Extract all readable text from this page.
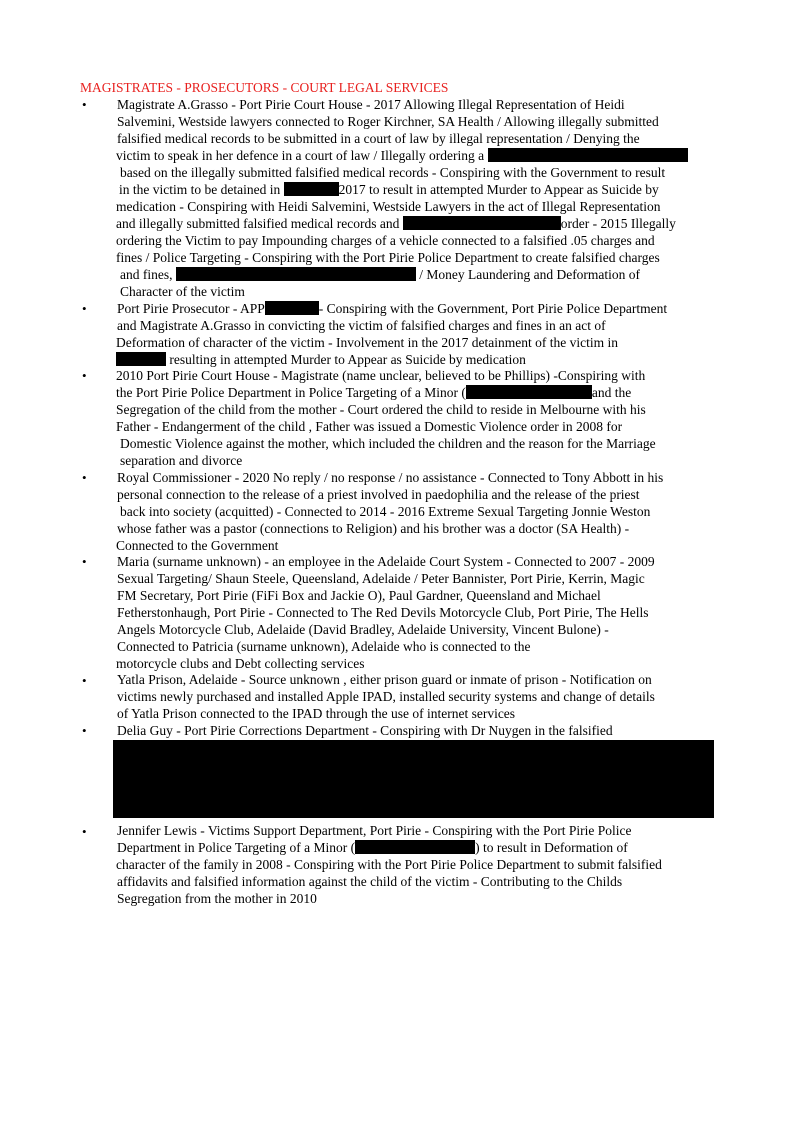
MAGISTRATES - PROSECUTORS - COURT LEGAL SERVICES
• Magistrate A.Grasso - Port Pirie Court House - 2017 Allowing Illegal Representation of Heidi
Salvemini, Westside lawyers connected to Roger Kirchner, SA Health / Allowing illegally submitted
falsified medical records to be submitted in a court of law by illegal representation / Denying the
victim to speak in her defence in a court of law / Illegally ordering a
based on the illegally submitted falsified medical records - Conspiring with the Government to result
in the victim to be detained in	2017 to result in attempted Murder to Appear as Suicide by
medication - Conspiring with Heidi Salvemini, Westside Lawyers in the act of Illegal Representation
and illegally submitted falsified medical records and	order - 2015 Illegally
ordering the Victim to pay Impounding charges of a vehicle connected to a falsified .05 charges and
fines / Police Targeting - Conspiring with the Port Pirie Police Department to create falsified charges
and fines,	/ Money Laundering and Deformation of
Character of the victim
• Port Pirie Prosecutor - APP	- Conspiring with the Government, Port Pirie Police Department
and Magistrate A.Grasso in convicting the victim of falsified charges and fines in an act of
Deformation of character of the victim - Involvement in the 2017 detainment of the victim in
resulting in attempted Murder to Appear as Suicide by medication
• 2010 Port Pirie Court House - Magistrate (name unclear, believed to be Phillips) -Conspiring with
the Port Pirie Police Department in Police Targeting of a Minor (	and the
Segregation of the child from the mother - Court ordered the child to reside in Melbourne with his
Father - Endangerment of the child , Father was issued a Domestic Violence order in 2008 for
Domestic Violence against the mother, which included the children and the reason for the Marriage
separation and divorce
• Royal Commissioner - 2020 No reply / no response / no assistance - Connected to Tony Abbott in his
personal connection to the release of a priest involved in paedophilia and the release of the priest
back into society (acquitted) - Connected to 2014 - 2016 Extreme Sexual Targeting Jonnie Weston
whose father was a pastor (connections to Religion) and his brother was a doctor (SA Health) -
Connected to the Government
• Maria (surname unknown) - an employee in the Adelaide Court System - Connected to 2007 - 2009
Sexual Targeting/ Shaun Steele, Queensland, Adelaide / Peter Bannister, Port Pirie, Kerrin, Magic
FM Secretary, Port Pirie (FiFi Box and Jackie O), Paul Gardner, Queensland and Michael
Fetherstonhaugh, Port Pirie - Connected to The Red Devils Motorcycle Club, Port Pirie, The Hells
Angels Motorcycle Club, Adelaide (David Bradley, Adelaide University, Vincent Bulone) -
Connected to Patricia (surname unknown), Adelaide who is connected to the
motorcycle clubs and Debt collecting services
• Yatla Prison, Adelaide - Source unknown , either prison guard or inmate of prison - Notification on
victims newly purchased and installed Apple IPAD, installed security systems and change of details
of Yatla Prison connected to the IPAD through the use of internet services
• Delia Guy - Port Pirie Corrections Department - Conspiring with Dr Nuygen in the falsified
• Jennifer Lewis - Victims Support Department, Port Pirie - Conspiring with the Port Pirie Police
Department in Police Targeting of a Minor (	) to result in Deformation of
character of the family in 2008 - Conspiring with the Port Pirie Police Department to submit falsified
affidavits and falsified information against the child of the victim - Contributing to the Childs
Segregation from the mother in 2010
